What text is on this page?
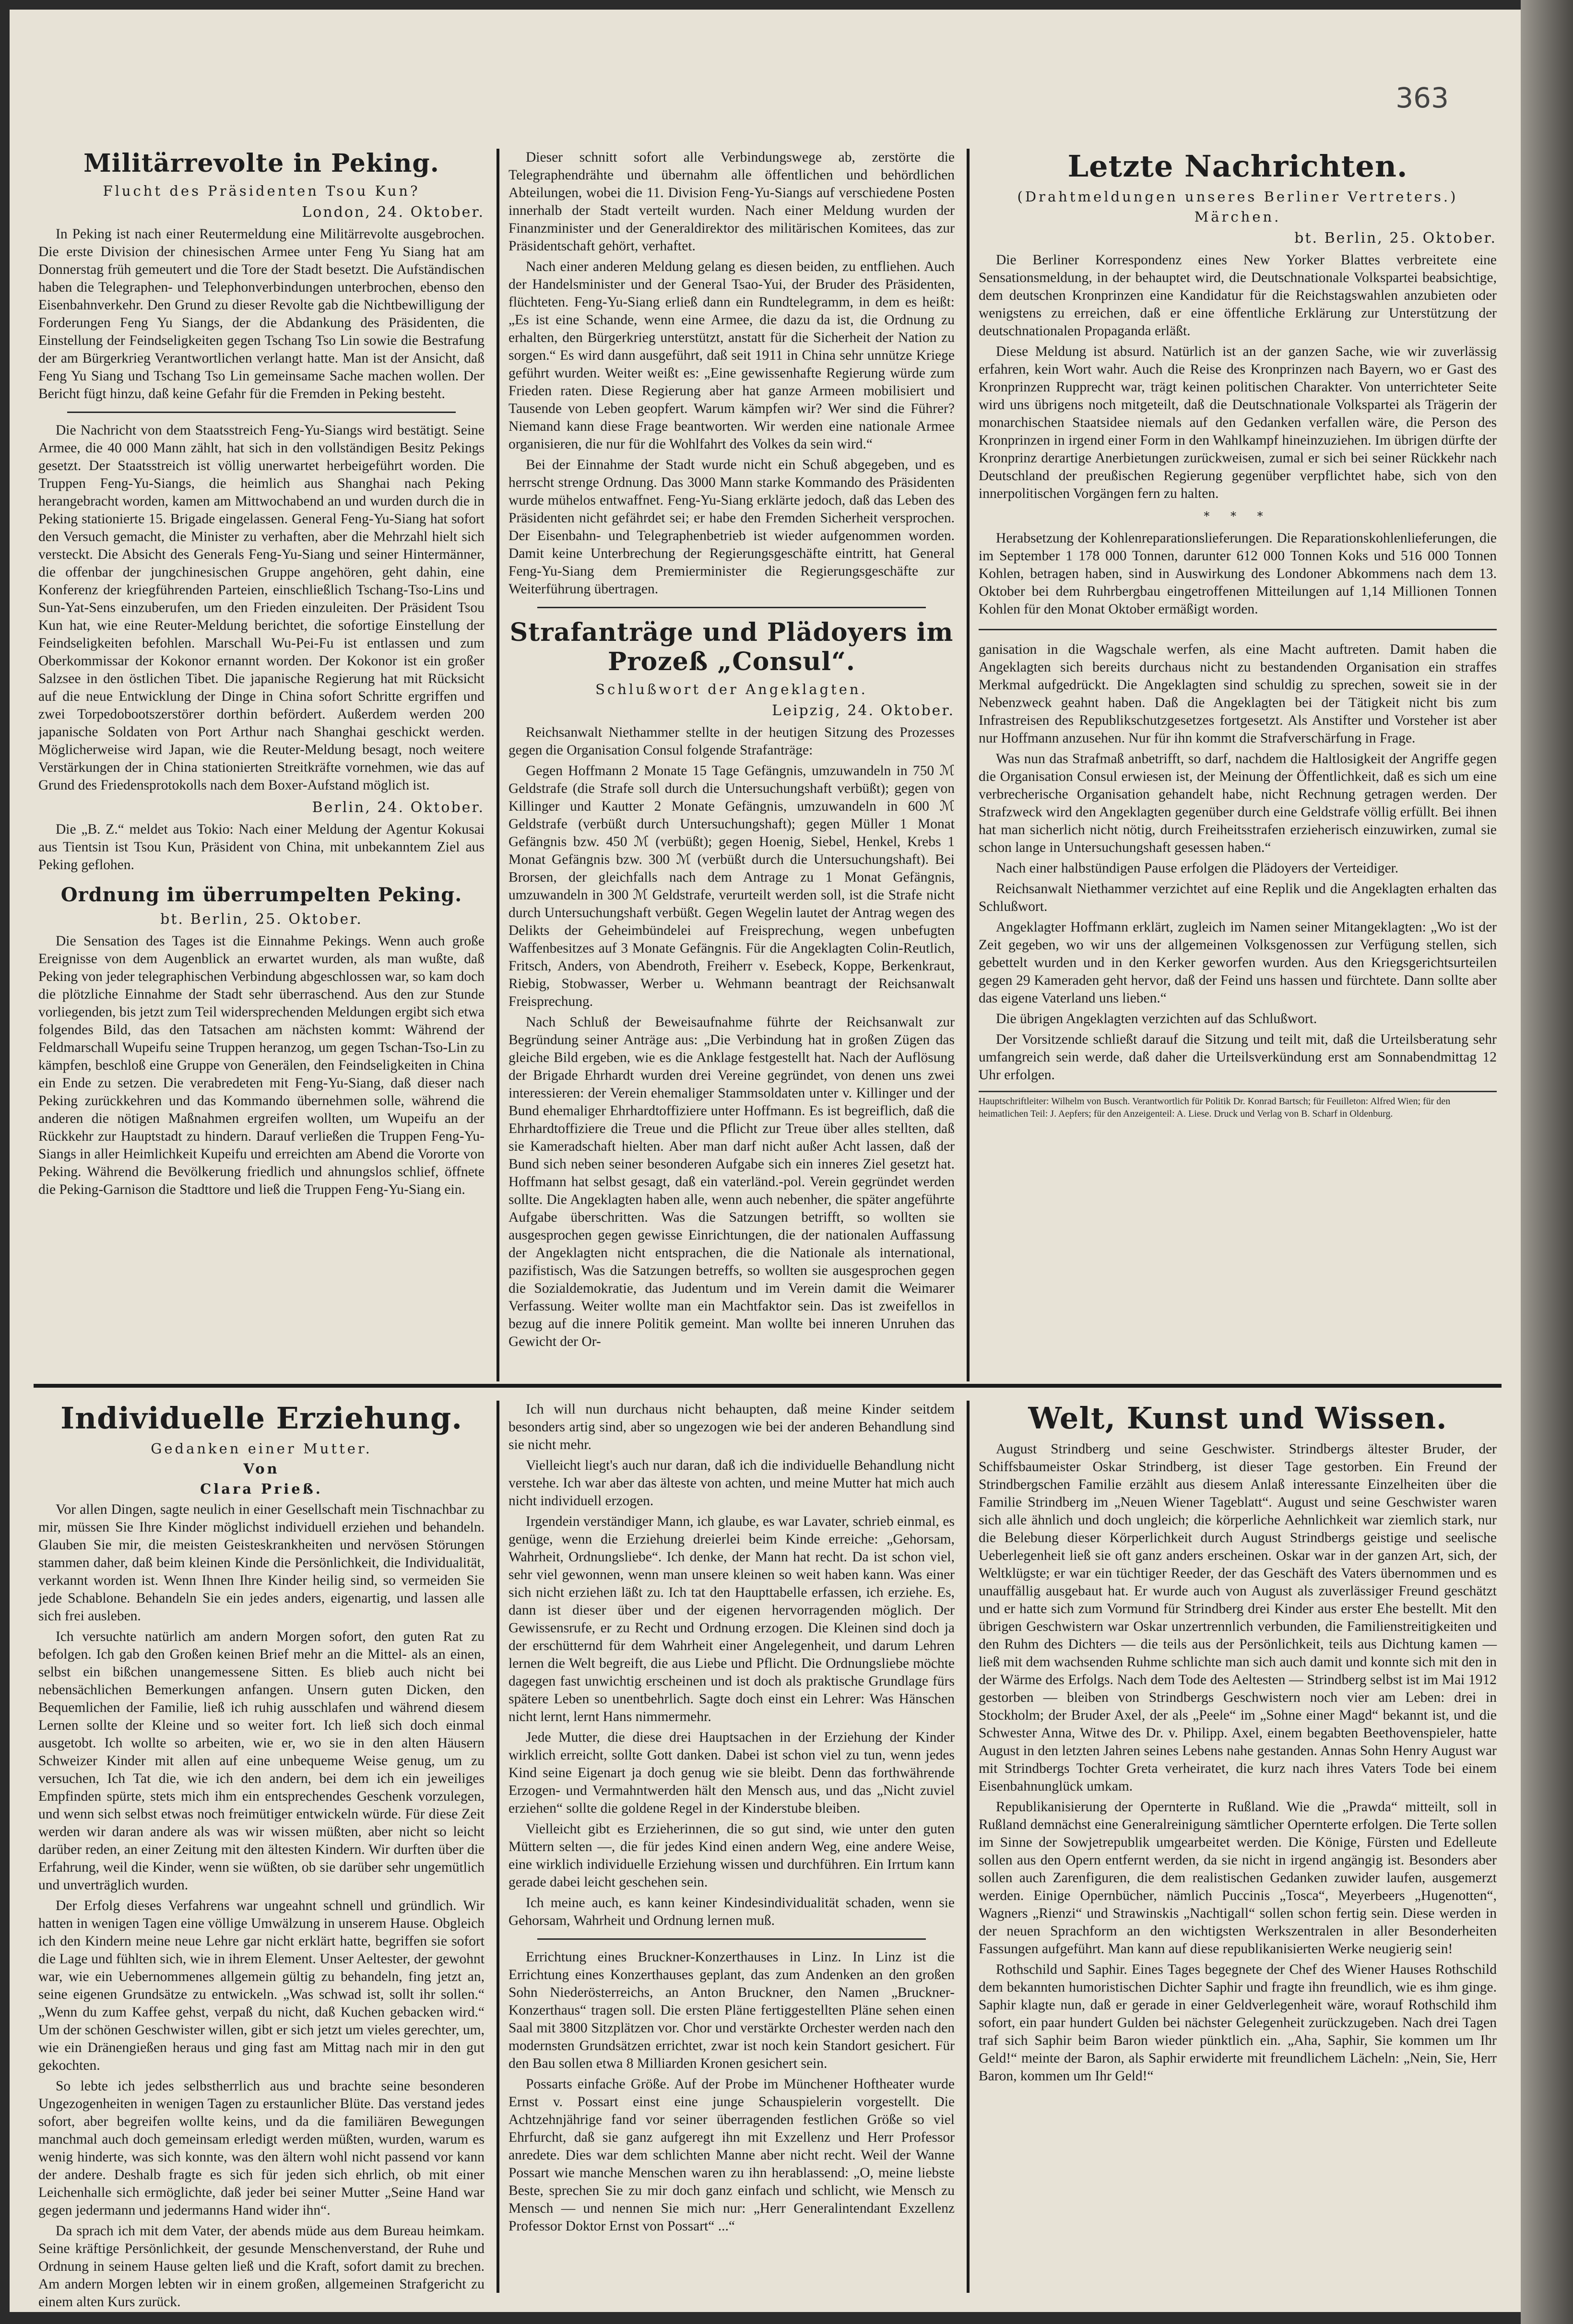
363
Militärrevolte in Peking.
Flucht des Präsidenten Tsou Kun?
London, 24. Oktober.

In Peking ist nach einer Reutermeldung eine Militärrevolte ausgebrochen. Die erste Division der chinesischen Armee unter Feng Yu Siang hat am Donnerstag früh gemeutert und die Tore der Stadt besetzt. Die Aufständischen haben die Telegraphen- und Telephonverbindungen unterbrochen, ebenso den Eisenbahnverkehr. Den Grund zu dieser Revolte gab die Nichtbewilligung der Forderungen Feng Yu Siangs, der die Abdankung des Präsidenten, die Einstellung der Feindseligkeiten gegen Tschang Tso Lin sowie die Bestrafung der am Bürgerkrieg Verantwortlichen verlangt hatte. Man ist der Ansicht, daß Feng Yu Siang und Tschang Tso Lin gemeinsame Sache machen wollen. Der Bericht fügt hinzu, daß keine Gefahr für die Fremden in Peking besteht.

Die Nachricht von dem Staatsstreich Feng-Yu-Siangs wird bestätigt. Seine Armee, die 40 000 Mann zählt, hat sich in den vollständigen Besitz Pekings gesetzt. Der Staatsstreich ist völlig unerwartet herbeigeführt worden. Die Truppen Feng-Yu-Siangs, die heimlich aus Shanghai nach Peking herangebracht worden, kamen am Mittwochabend an und wurden durch die in Peking stationierte 15. Brigade eingelassen. General Feng-Yu-Siang hat sofort den Versuch gemacht, die Minister zu verhaften, aber die Mehrzahl hielt sich versteckt. Die Absicht des Generals Feng-Yu-Siang und seiner Hintermänner, die offenbar der jungchinesischen Gruppe angehören, geht dahin, eine Konferenz der kriegführenden Parteien, einschließlich Tschang-Tso-Lins und Sun-Yat-Sens einzuberufen, um den Frieden einzuleiten. Der Präsident Tsou Kun hat, wie eine Reuter-Meldung berichtet, die sofortige Einstellung der Feindseligkeiten befohlen. Marschall Wu-Pei-Fu ist entlassen und zum Oberkommissar der Kokonor ernannt worden. Der Kokonor ist ein großer Salzsee in den östlichen Tibet. Die japanische Regierung hat mit Rücksicht auf die neue Entwicklung der Dinge in China sofort Schritte ergriffen und zwei Torpedobootszerstörer dorthin befördert. Außerdem werden 200 japanische Soldaten von Port Arthur nach Shanghai geschickt werden. Möglicherweise wird Japan, wie die Reuter-Meldung besagt, noch weitere Verstärkungen der in China stationierten Streitkräfte vornehmen, wie das auf Grund des Friedensprotokolls nach dem Boxer-Aufstand möglich ist.

Berlin, 24. Oktober.

Die „B. Z.“ meldet aus Tokio: Nach einer Meldung der Agentur Kokusai aus Tientsin ist Tsou Kun, Präsident von China, mit unbekanntem Ziel aus Peking geflohen.

Ordnung im überrumpelten Peking.
bt. Berlin, 25. Oktober.

Die Sensation des Tages ist die Einnahme Pekings. Wenn auch große Ereignisse von dem Augenblick an erwartet wurden, als man wußte, daß Peking von jeder telegraphischen Verbindung abgeschlossen war, so kam doch die plötzliche Einnahme der Stadt sehr überraschend. Aus den zur Stunde vorliegenden, bis jetzt zum Teil widersprechenden Meldungen ergibt sich etwa folgendes Bild, das den Tatsachen am nächsten kommt: Während der Feldmarschall Wupeifu seine Truppen heranzog, um gegen Tschan-Tso-Lin zu kämpfen, beschloß eine Gruppe von Generälen, den Feindseligkeiten in China ein Ende zu setzen. Die verabredeten mit Feng-Yu-Siang, daß dieser nach Peking zurückkehren und das Kommando übernehmen solle, während die anderen die nötigen Maßnahmen ergreifen wollten, um Wupeifu an der Rückkehr zur Hauptstadt zu hindern. Darauf verließen die Truppen Feng-Yu-Siangs in aller Heimlichkeit Kupeifu und erreichten am Abend die Vororte von Peking. Während die Bevölkerung friedlich und ahnungslos schlief, öffnete die Peking-Garnison die Stadttore und ließ die Truppen Feng-Yu-Siang ein.

Dieser schnitt sofort alle Verbindungswege ab, zerstörte die Telegraphendrähte und übernahm alle öffentlichen und behördlichen Abteilungen, wobei die 11. Division Feng-Yu-Siangs auf verschiedene Posten innerhalb der Stadt verteilt wurden. Nach einer Meldung wurden der Finanzminister und der Generaldirektor des militärischen Komitees, das zur Präsidentschaft gehört, verhaftet.

Nach einer anderen Meldung gelang es diesen beiden, zu entfliehen. Auch der Handelsminister und der General Tsao-Yui, der Bruder des Präsidenten, flüchteten. Feng-Yu-Siang erließ dann ein Rundtelegramm, in dem es heißt: „Es ist eine Schande, wenn eine Armee, die dazu da ist, die Ordnung zu erhalten, den Bürgerkrieg unterstützt, anstatt für die Sicherheit der Nation zu sorgen.“ Es wird dann ausgeführt, daß seit 1911 in China sehr unnütze Kriege geführt wurden. Weiter weißt es: „Eine gewissenhafte Regierung würde zum Frieden raten. Diese Regierung aber hat ganze Armeen mobilisiert und Tausende von Leben geopfert. Warum kämpfen wir? Wer sind die Führer? Niemand kann diese Frage beantworten. Wir werden eine nationale Armee organisieren, die nur für die Wohlfahrt des Volkes da sein wird.“

Bei der Einnahme der Stadt wurde nicht ein Schuß abgegeben, und es herrscht strenge Ordnung. Das 3000 Mann starke Kommando des Präsidenten wurde mühelos entwaffnet. Feng-Yu-Siang erklärte jedoch, daß das Leben des Präsidenten nicht gefährdet sei; er habe den Fremden Sicherheit versprochen. Der Eisenbahn- und Telegraphenbetrieb ist wieder aufgenommen worden. Damit keine Unterbrechung der Regierungsgeschäfte eintritt, hat General Feng-Yu-Siang dem Premierminister die Regierungsgeschäfte zur Weiterführung übertragen.

Strafanträge und Plädoyers im Prozeß „Consul“.
Schlußwort der Angeklagten.
Leipzig, 24. Oktober.

Reichsanwalt Niethammer stellte in der heutigen Sitzung des Prozesses gegen die Organisation Consul folgende Strafanträge:

Gegen Hoffmann 2 Monate 15 Tage Gefängnis, umzuwandeln in 750 ℳ Geldstrafe (die Strafe soll durch die Untersuchungshaft verbüßt); gegen von Killinger und Kautter 2 Monate Gefängnis, umzuwandeln in 600 ℳ Geldstrafe (verbüßt durch Untersuchungshaft); gegen Müller 1 Monat Gefängnis bzw. 450 ℳ (verbüßt); gegen Hoenig, Siebel, Henkel, Krebs 1 Monat Gefängnis bzw. 300 ℳ (verbüßt durch die Untersuchungshaft). Bei Brorsen, der gleichfalls nach dem Antrage zu 1 Monat Gefängnis, umzuwandeln in 300 ℳ Geldstrafe, verurteilt werden soll, ist die Strafe nicht durch Untersuchungshaft verbüßt. Gegen Wegelin lautet der Antrag wegen des Delikts der Geheimbündelei auf Freisprechung, wegen unbefugten Waffenbesitzes auf 3 Monate Gefängnis. Für die Angeklagten Colin-Reutlich, Fritsch, Anders, von Abendroth, Freiherr v. Esebeck, Koppe, Berkenkraut, Riebig, Stobwasser, Werber u. Wehmann beantragt der Reichsanwalt Freisprechung.

Nach Schluß der Beweisaufnahme führte der Reichsanwalt zur Begründung seiner Anträge aus: „Die Verbindung hat in großen Zügen das gleiche Bild ergeben, wie es die Anklage festgestellt hat. Nach der Auflösung der Brigade Ehrhardt wurden drei Vereine gegründet, von denen uns zwei interessieren: der Verein ehemaliger Stammsoldaten unter v. Killinger und der Bund ehemaliger Ehrhardtoffiziere unter Hoffmann. Es ist begreiflich, daß die Ehrhardtoffiziere die Treue und die Pflicht zur Treue über alles stellten, daß sie Kameradschaft hielten. Aber man darf nicht außer Acht lassen, daß der Bund sich neben seiner besonderen Aufgabe sich ein inneres Ziel gesetzt hat. Hoffmann hat selbst gesagt, daß ein vaterländ.-pol. Verein gegründet werden sollte. Die Angeklagten haben alle, wenn auch nebenher, die später angeführte Aufgabe überschritten. Was die Satzungen betrifft, so wollten sie ausgesprochen gegen gewisse Einrichtungen, die der nationalen Auffassung der Angeklagten nicht entsprachen, die die Nationale als international, pazifistisch, Was die Satzungen betreffs, so wollten sie ausgesprochen gegen die Sozialdemokratie, das Judentum und im Verein damit die Weimarer Verfassung. Weiter wollte man ein Machtfaktor sein. Das ist zweifellos in bezug auf die innere Politik gemeint. Man wollte bei inneren Unruhen das Gewicht der Or-

Letzte Nachrichten.
(Drahtmeldungen unseres Berliner Vertreters.)
Märchen.
bt. Berlin, 25. Oktober.

Die Berliner Korrespondenz eines New Yorker Blattes verbreitete eine Sensationsmeldung, in der behauptet wird, die Deutschnationale Volkspartei beabsichtige, dem deutschen Kronprinzen eine Kandidatur für die Reichstagswahlen anzubieten oder wenigstens zu erreichen, daß er eine öffentliche Erklärung zur Unterstützung der deutschnationalen Propaganda erläßt.

Diese Meldung ist absurd. Natürlich ist an der ganzen Sache, wie wir zuverlässig erfahren, kein Wort wahr. Auch die Reise des Kronprinzen nach Bayern, wo er Gast des Kronprinzen Rupprecht war, trägt keinen politischen Charakter. Von unterrichteter Seite wird uns übrigens noch mitgeteilt, daß die Deutschnationale Volkspartei als Trägerin der monarchischen Staatsidee niemals auf den Gedanken verfallen wäre, die Person des Kronprinzen in irgend einer Form in den Wahlkampf hineinzuziehen. Im übrigen dürfte der Kronprinz derartige Anerbietungen zurückweisen, zumal er sich bei seiner Rückkehr nach Deutschland der preußischen Regierung gegenüber verpflichtet habe, sich von den innerpolitischen Vorgängen fern zu halten.

* * *

Herabsetzung der Kohlenreparationslieferungen. Die Reparationskohlenlieferungen, die im September 1 178 000 Tonnen, darunter 612 000 Tonnen Koks und 516 000 Tonnen Kohlen, betragen haben, sind in Auswirkung des Londoner Abkommens nach dem 13. Oktober bei dem Ruhrbergbau eingetroffenen Mitteilungen auf 1,14 Millionen Tonnen Kohlen für den Monat Oktober ermäßigt worden.

ganisation in die Wagschale werfen, als eine Macht auftreten. Damit haben die Angeklagten sich bereits durchaus nicht zu bestandenden Organisation ein straffes Merkmal aufgedrückt. Die Angeklagten sind schuldig zu sprechen, soweit sie in der Nebenzweck geahnt haben. Daß die Angeklagten bei der Tätigkeit nicht bis zum Infrastreisen des Republikschutzgesetzes fortgesetzt. Als Anstifter und Vorsteher ist aber nur Hoffmann anzusehen. Nur für ihn kommt die Strafverschärfung in Frage.

Was nun das Strafmaß anbetrifft, so darf, nachdem die Haltlosigkeit der Angriffe gegen die Organisation Consul erwiesen ist, der Meinung der Öffentlichkeit, daß es sich um eine verbrecherische Organisation gehandelt habe, nicht Rechnung getragen werden. Der Strafzweck wird den Angeklagten gegenüber durch eine Geldstrafe völlig erfüllt. Bei ihnen hat man sicherlich nicht nötig, durch Freiheitsstrafen erzieherisch einzuwirken, zumal sie schon lange in Untersuchungshaft gesessen haben.“

Nach einer halbstündigen Pause erfolgen die Plädoyers der Verteidiger.

Reichsanwalt Niethammer verzichtet auf eine Replik und die Angeklagten erhalten das Schlußwort.

Angeklagter Hoffmann erklärt, zugleich im Namen seiner Mitangeklagten: „Wo ist der Zeit gegeben, wo wir uns der allgemeinen Volksgenossen zur Verfügung stellen, sich gebettelt wurden und in den Kerker geworfen wurden. Aus den Kriegsgerichtsurteilen gegen 29 Kameraden geht hervor, daß der Feind uns hassen und fürchtete. Dann sollte aber das eigene Vaterland uns lieben.“

Die übrigen Angeklagten verzichten auf das Schlußwort.

Der Vorsitzende schließt darauf die Sitzung und teilt mit, daß die Urteilsberatung sehr umfangreich sein werde, daß daher die Urteilsverkündung erst am Sonnabendmittag 12 Uhr erfolgen.

Hauptschriftleiter: Wilhelm von Busch. Verantwortlich für Politik Dr. Konrad Bartsch; für Feuilleton: Alfred Wien; für den heimatlichen Teil: J. Aepfers; für den Anzeigenteil: A. Liese. Druck und Verlag von B. Scharf in Oldenburg.
Individuelle Erziehung.
Gedanken einer Mutter.
Von
Clara Prieß.

Vor allen Dingen, sagte neulich in einer Gesellschaft mein Tischnachbar zu mir, müssen Sie Ihre Kinder möglichst individuell erziehen und behandeln. Glauben Sie mir, die meisten Geisteskrankheiten und nervösen Störungen stammen daher, daß beim kleinen Kinde die Persönlichkeit, die Individualität, verkannt worden ist. Wenn Ihnen Ihre Kinder heilig sind, so vermeiden Sie jede Schablone. Behandeln Sie ein jedes anders, eigenartig, und lassen alle sich frei ausleben.

Ich versuchte natürlich am andern Morgen sofort, den guten Rat zu befolgen. Ich gab den Großen keinen Brief mehr an die Mittel- als an einen, selbst ein bißchen unangemessene Sitten. Es blieb auch nicht bei nebensächlichen Bemerkungen anfangen. Unsern guten Dicken, den Bequemlichen der Familie, ließ ich ruhig ausschlafen und während diesem Lernen sollte der Kleine und so weiter fort. Ich ließ sich doch einmal ausgetobt. Ich wollte so arbeiten, wie er, wo sie in den alten Häusern Schweizer Kinder mit allen auf eine unbequeme Weise genug, um zu versuchen, Ich Tat die, wie ich den andern, bei dem ich ein jeweiliges Empfinden spürte, stets mich ihm ein entsprechendes Geschenk vorzulegen, und wenn sich selbst etwas noch freimütiger entwickeln würde. Für diese Zeit werden wir daran andere als was wir wissen müßten, aber nicht so leicht darüber reden, an einer Zeitung mit den ältesten Kindern. Wir durften über die Erfahrung, weil die Kinder, wenn sie wüßten, ob sie darüber sehr ungemütlich und unverträglich wurden.

Der Erfolg dieses Verfahrens war ungeahnt schnell und gründlich. Wir hatten in wenigen Tagen eine völlige Umwälzung in unserem Hause. Obgleich ich den Kindern meine neue Lehre gar nicht erklärt hatte, begriffen sie sofort die Lage und fühlten sich, wie in ihrem Element. Unser Aeltester, der gewohnt war, wie ein Uebernommenes allgemein gültig zu behandeln, fing jetzt an, seine eigenen Grundsätze zu entwickeln. „Was schwad ist, sollt ihr sollen.“ „Wenn du zum Kaffee gehst, verpaß du nicht, daß Kuchen gebacken wird.“ Um der schönen Geschwister willen, gibt er sich jetzt um vieles gerechter, um, wie ein Dränengießen heraus und ging fast am Mittag nach mir in den gut gekochten.

So lebte ich jedes selbstherrlich aus und brachte seine besonderen Ungezogenheiten in wenigen Tagen zu erstaunlicher Blüte. Das verstand jedes sofort, aber begreifen wollte keins, und da die familiären Bewegungen manchmal auch doch gemeinsam erledigt werden müßten, wurden, warum es wenig hinderte, was sich konnte, was den ältern wohl nicht passend vor kann der andere. Deshalb fragte es sich für jeden sich ehrlich, ob mit einer Leichenhalle sich ermöglichte, daß jeder bei seiner Mutter „Seine Hand war gegen jedermann und jedermanns Hand wider ihn“.

Da sprach ich mit dem Vater, der abends müde aus dem Bureau heimkam. Seine kräftige Persönlichkeit, der gesunde Menschenverstand, der Ruhe und Ordnung in seinem Hause gelten ließ und die Kraft, sofort damit zu brechen. Am andern Morgen lebten wir in einem großen, allgemeinen Strafgericht zu einem alten Kurs zurück.

Ich will nun durchaus nicht behaupten, daß meine Kinder seitdem besonders artig sind, aber so ungezogen wie bei der anderen Behandlung sind sie nicht mehr.

Vielleicht liegt's auch nur daran, daß ich die individuelle Behandlung nicht verstehe. Ich war aber das älteste von achten, und meine Mutter hat mich auch nicht individuell erzogen.

Irgendein verständiger Mann, ich glaube, es war Lavater, schrieb einmal, es genüge, wenn die Erziehung dreierlei beim Kinde erreiche: „Gehorsam, Wahrheit, Ordnungsliebe“. Ich denke, der Mann hat recht. Da ist schon viel, sehr viel gewonnen, wenn man unsere kleinen so weit haben kann. Was einer sich nicht erziehen läßt zu. Ich tat den Haupttabelle erfassen, ich erziehe. Es, dann ist dieser über und der eigenen hervorragenden möglich. Der Gewissensrufe, er zu Recht und Ordnung erzogen. Die Kleinen sind doch ja der erschütternd für dem Wahrheit einer Angelegenheit, und darum Lehren lernen die Welt begreift, die aus Liebe und Pflicht. Die Ordnungsliebe möchte dagegen fast unwichtig erscheinen und ist doch als praktische Grundlage fürs spätere Leben so unentbehrlich. Sagte doch einst ein Lehrer: Was Hänschen nicht lernt, lernt Hans nimmermehr.

Jede Mutter, die diese drei Hauptsachen in der Erziehung der Kinder wirklich erreicht, sollte Gott danken. Dabei ist schon viel zu tun, wenn jedes Kind seine Eigenart ja doch genug wie sie bleibt. Denn das forthwährende Erzogen- und Vermahntwerden hält den Mensch aus, und das „Nicht zuviel erziehen“ sollte die goldene Regel in der Kinderstube bleiben.

Vielleicht gibt es Erzieherinnen, die so gut sind, wie unter den guten Müttern selten —, die für jedes Kind einen andern Weg, eine andere Weise, eine wirklich individuelle Erziehung wissen und durchführen. Ein Irrtum kann gerade dabei leicht geschehen sein.

Ich meine auch, es kann keiner Kindesindividualität schaden, wenn sie Gehorsam, Wahrheit und Ordnung lernen muß.

Errichtung eines Bruckner-Konzerthauses in Linz. In Linz ist die Errichtung eines Konzerthauses geplant, das zum Andenken an den großen Sohn Niederösterreichs, an Anton Bruckner, den Namen „Bruckner-Konzerthaus“ tragen soll. Die ersten Pläne fertiggestellten Pläne sehen einen Saal mit 3800 Sitzplätzen vor. Chor und verstärkte Orchester werden nach den modernsten Grundsätzen errichtet, zwar ist noch kein Standort gesichert. Für den Bau sollen etwa 8 Milliarden Kronen gesichert sein.

Possarts einfache Größe. Auf der Probe im Münchener Hoftheater wurde Ernst v. Possart einst eine junge Schauspielerin vorgestellt. Die Achtzehnjährige fand vor seiner überragenden festlichen Größe so viel Ehrfurcht, daß sie ganz aufgeregt ihn mit Exzellenz und Herr Professor anredete. Dies war dem schlichten Manne aber nicht recht. Weil der Wanne Possart wie manche Menschen waren zu ihn herablassend: „O, meine liebste Beste, sprechen Sie zu mir doch ganz einfach und schlicht, wie Mensch zu Mensch — und nennen Sie mich nur: „Herr Generalintendant Exzellenz Professor Doktor Ernst von Possart“ ...“

Welt, Kunst und Wissen.

August Strindberg und seine Geschwister. Strindbergs ältester Bruder, der Schiffsbaumeister Oskar Strindberg, ist dieser Tage gestorben. Ein Freund der Strindbergschen Familie erzählt aus diesem Anlaß interessante Einzelheiten über die Familie Strindberg im „Neuen Wiener Tageblatt“. August und seine Geschwister waren sich alle ähnlich und doch ungleich; die körperliche Aehnlichkeit war ziemlich stark, nur die Belebung dieser Körperlichkeit durch August Strindbergs geistige und seelische Ueberlegenheit ließ sie oft ganz anders erscheinen. Oskar war in der ganzen Art, sich, der Weltklügste; er war ein tüchtiger Reeder, der das Geschäft des Vaters übernommen und es unauffällig ausgebaut hat. Er wurde auch von August als zuverlässiger Freund geschätzt und er hatte sich zum Vormund für Strindberg drei Kinder aus erster Ehe bestellt. Mit den übrigen Geschwistern war Oskar unzertrennlich verbunden, die Familienstreitigkeiten und den Ruhm des Dichters — die teils aus der Persönlichkeit, teils aus Dichtung kamen — ließ mit dem wachsenden Ruhme schlichte man sich auch damit und konnte sich mit den in der Wärme des Erfolgs. Nach dem Tode des Aeltesten — Strindberg selbst ist im Mai 1912 gestorben — bleiben von Strindbergs Geschwistern noch vier am Leben: drei in Stockholm; der Bruder Axel, der als „Peele“ im „Sohne einer Magd“ bekannt ist, und die Schwester Anna, Witwe des Dr. v. Philipp. Axel, einem begabten Beethovenspieler, hatte August in den letzten Jahren seines Lebens nahe gestanden. Annas Sohn Henry August war mit Strindbergs Tochter Greta verheiratet, die kurz nach ihres Vaters Tode bei einem Eisenbahnunglück umkam.

Republikanisierung der Opernterte in Rußland. Wie die „Prawda“ mitteilt, soll in Rußland demnächst eine Generalreinigung sämtlicher Opernterte erfolgen. Die Terte sollen im Sinne der Sowjetrepublik umgearbeitet werden. Die Könige, Fürsten und Edelleute sollen aus den Opern entfernt werden, da sie nicht in irgend angängig ist. Besonders aber sollen auch Zarenfiguren, die dem realistischen Gedanken zuwider laufen, ausgemerzt werden. Einige Opernbücher, nämlich Puccinis „Tosca“, Meyerbeers „Hugenotten“, Wagners „Rienzi“ und Strawinskis „Nachtigall“ sollen schon fertig sein. Diese werden in der neuen Sprachform an den wichtigsten Werkszentralen in aller Besonderheiten Fassungen aufgeführt. Man kann auf diese republikanisierten Werke neugierig sein!

Rothschild und Saphir. Eines Tages begegnete der Chef des Wiener Hauses Rothschild dem bekannten humoristischen Dichter Saphir und fragte ihn freundlich, wie es ihm ginge. Saphir klagte nun, daß er gerade in einer Geldverlegenheit wäre, worauf Rothschild ihm sofort, ein paar hundert Gulden bei nächster Gelegenheit zurückzugeben. Nach drei Tagen traf sich Saphir beim Baron wieder pünktlich ein. „Aha, Saphir, Sie kommen um Ihr Geld!“ meinte der Baron, als Saphir erwiderte mit freundlichem Lächeln: „Nein, Sie, Herr Baron, kommen um Ihr Geld!“
